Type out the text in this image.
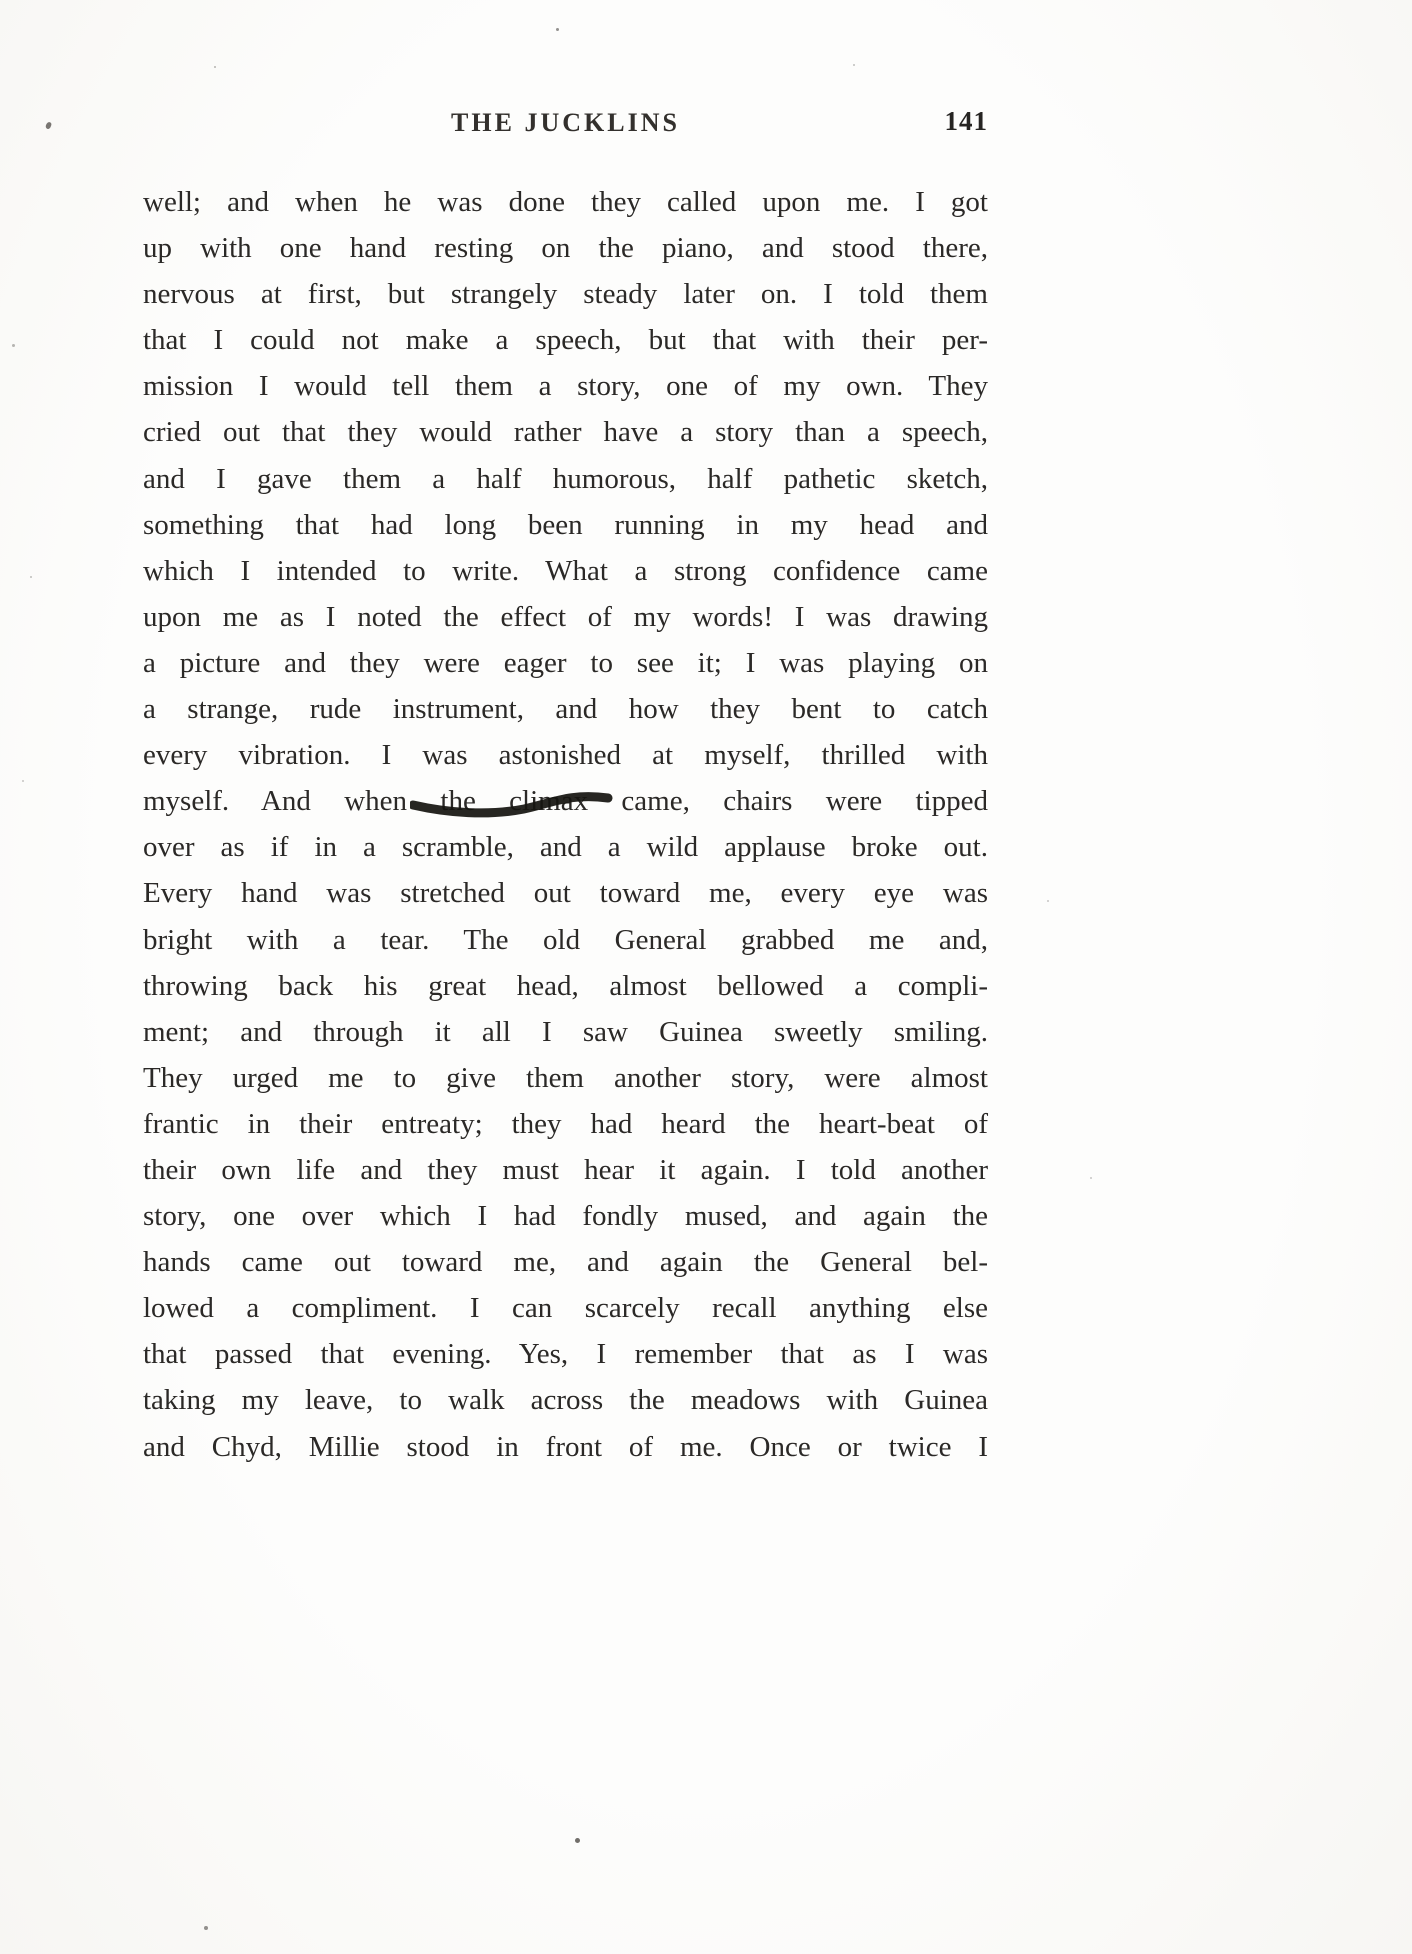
THE JUCKLINS	141
well; and when he was done they called upon me. I got
up with one hand resting on the piano, and stood there,
nervous at first, but strangely steady later on. I told them
that I could not make a speech, but that with their per-
mission I would tell them a story, one of my own. They
cried out that they would rather have a story than a speech,
and I gave them a half humorous, half pathetic sketch,
something that had long been running in my head and
which I intended to write. What a strong confidence came
upon me as I noted the effect of my words! I was drawing
a picture and they were eager to see it; I was playing on
a strange, rude instrument, and how they bent to catch
every vibration. I was astonished at myself, thrilled with
myself. And when the climax came, chairs were tipped
over as if in a scramble, and a wild applause broke out.
Every hand was stretched out toward me, every eye was
bright with a tear. The old General grabbed me and,
throwing back his great head, almost bellowed a compli-
ment; and through it all I saw Guinea sweetly smiling.
They urged me to give them another story, were almost
frantic in their entreaty; they had heard the heart-beat of
their own life and they must hear it again. I told another
story, one over which I had fondly mused, and again the
hands came out toward me, and again the General bel-
lowed a compliment. I can scarcely recall anything else
that passed that evening. Yes, I remember that as I was
taking my leave, to walk across the meadows with Guinea
and Chyd, Millie stood in front of me. Once or twice I
